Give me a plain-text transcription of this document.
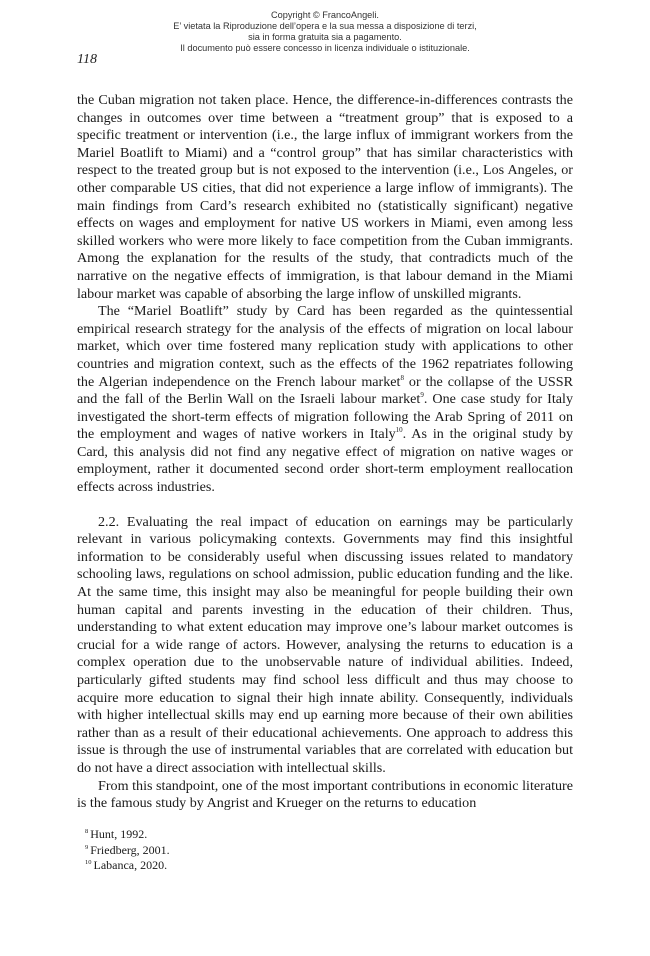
Copyright © FrancoAngeli.
E’ vietata la Riproduzione dell’opera e la sua messa a disposizione di terzi,
sia in forma gratuita sia a pagamento.
Il documento può essere concesso in licenza individuale o istituzionale.
118

the Cuban migration not taken place. Hence, the difference-in-differences contrasts the changes in outcomes over time between a “treatment group” that is exposed to a specific treatment or intervention (i.e., the large influx of immigrant workers from the Mariel Boatlift to Miami) and a “control group” that has similar characteristics with respect to the treated group but is not exposed to the intervention (i.e., Los Angeles, or other comparable US cities, that did not experience a large inflow of immigrants). The main findings from Card’s research exhibited no (statistically significant) negative effects on wages and employment for native US workers in Miami, even among less skilled workers who were more likely to face competition from the Cuban immigrants. Among the explanation for the results of the study, that contradicts much of the narrative on the negative effects of immigration, is that labour demand in the Miami labour market was capable of absorbing the large inflow of unskilled migrants.

The “Mariel Boatlift” study by Card has been regarded as the quintessential empirical research strategy for the analysis of the effects of migration on local labour market, which over time fostered many replication study with applications to other countries and migration context, such as the effects of the 1962 repatriates following the Algerian independence on the French labour market$^8$ or the collapse of the USSR and the fall of the Berlin Wall on the Israeli labour market$^9$. One case study for Italy investigated the short-term effects of migration following the Arab Spring of 2011 on the employment and wages of native workers in Italy$^{10}$. As in the original study by Card, this analysis did not find any negative effect of migration on native wages or employment, rather it documented second order short-term employment reallocation effects across industries.

2.2. Evaluating the real impact of education on earnings may be particularly relevant in various policymaking contexts. Governments may find this insightful information to be considerably useful when discussing issues related to mandatory schooling laws, regulations on school admission, public education funding and the like. At the same time, this insight may also be meaningful for people building their own human capital and parents investing in the education of their children. Thus, understanding to what extent education may improve one’s labour market outcomes is crucial for a wide range of actors. However, analysing the returns to education is a complex operation due to the unobservable nature of individual abilities. Indeed, particularly gifted students may find school less difficult and thus may choose to acquire more education to signal their high innate ability. Consequently, individuals with higher intellectual skills may end up earning more because of their own abilities rather than as a result of their educational achievements. One approach to address this issue is through the use of instrumental variables that are correlated with education but do not have a direct association with intellectual skills.

From this standpoint, one of the most important contributions in economic literature is the famous study by Angrist and Krueger on the returns to education

$^8$ Hunt, 1992.
$^9$ Friedberg, 2001.
$^{10}$ Labanca, 2020.
